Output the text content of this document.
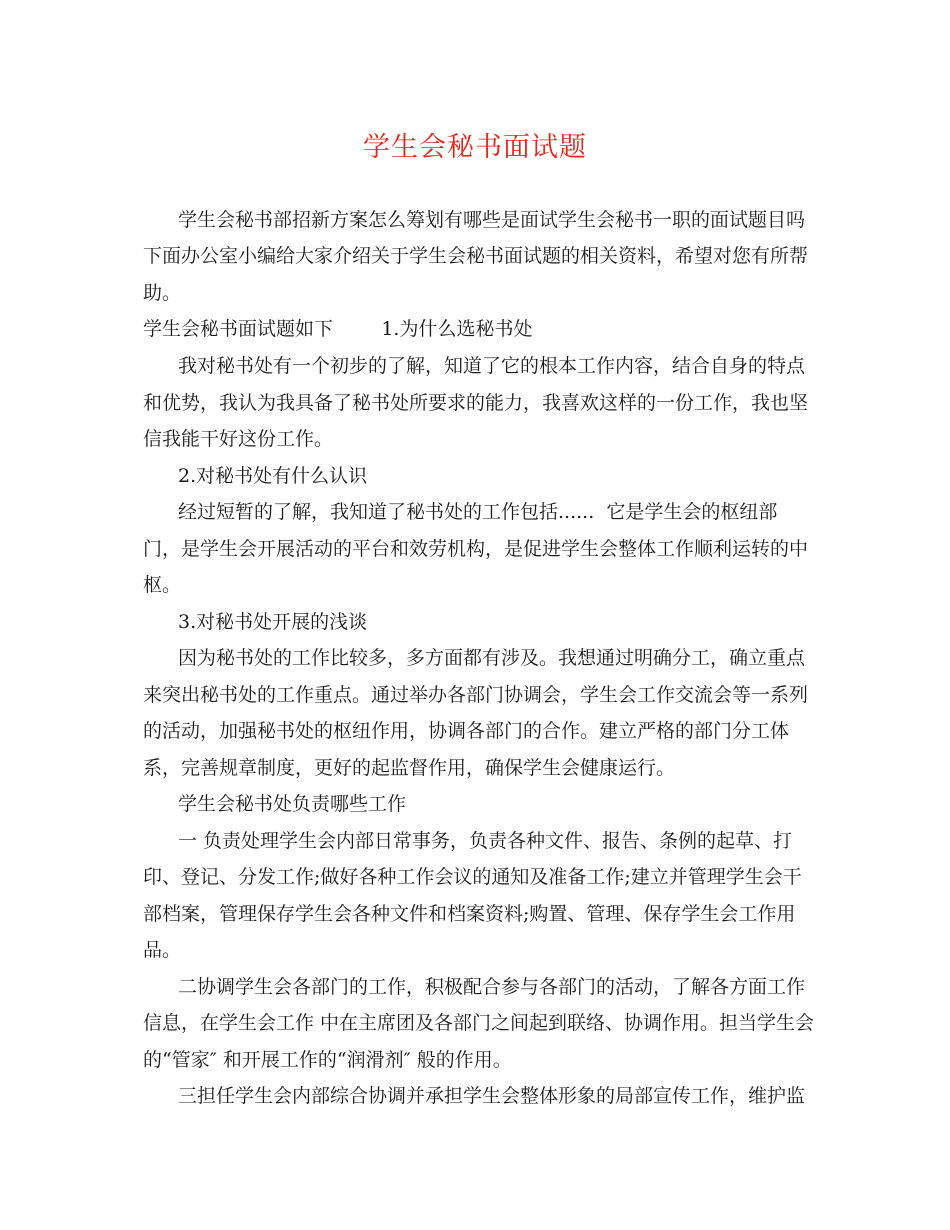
学生会秘书面试题
学生会秘书部招新方案怎么筹划有哪些是面试学生会秘书一职的面试题目吗
下面办公室小编给大家介绍关于学生会秘书面试题的相关资料，希望对您有所帮
助。
学生会秘书面试题如下        1.为什么选秘书处
我对秘书处有一个初步的了解，知道了它的根本工作内容，结合自身的特点
和优势，我认为我具备了秘书处所要求的能力，我喜欢这样的一份工作，我也坚
信我能干好这份工作。
2.对秘书处有什么认识
经过短暂的了解，我知道了秘书处的工作包括......  它是学生会的枢纽部
门，是学生会开展活动的平台和效劳机构，是促进学生会整体工作顺利运转的中
枢。
3.对秘书处开展的浅谈
因为秘书处的工作比较多，多方面都有涉及。我想通过明确分工，确立重点
来突出秘书处的工作重点。通过举办各部门协调会，学生会工作交流会等一系列
的活动，加强秘书处的枢纽作用，协调各部门的合作。建立严格的部门分工体
系，完善规章制度，更好的起监督作用，确保学生会健康运行。
学生会秘书处负责哪些工作
一 负责处理学生会内部日常事务，负责各种文件、报告、条例的起草、打
印、登记、分发工作;做好各种工作会议的通知及准备工作;建立并管理学生会干
部档案，管理保存学生会各种文件和档案资料;购置、管理、保存学生会工作用
品。
二协调学生会各部门的工作，积极配合参与各部门的活动，了解各方面工作
信息，在学生会工作 中在主席团及各部门之间起到联络、协调作用。担当学生会
的“管家″ 和开展工作的“润滑剂″ 般的作用。
三担任学生会内部综合协调并承担学生会整体形象的局部宣传工作，维护监
